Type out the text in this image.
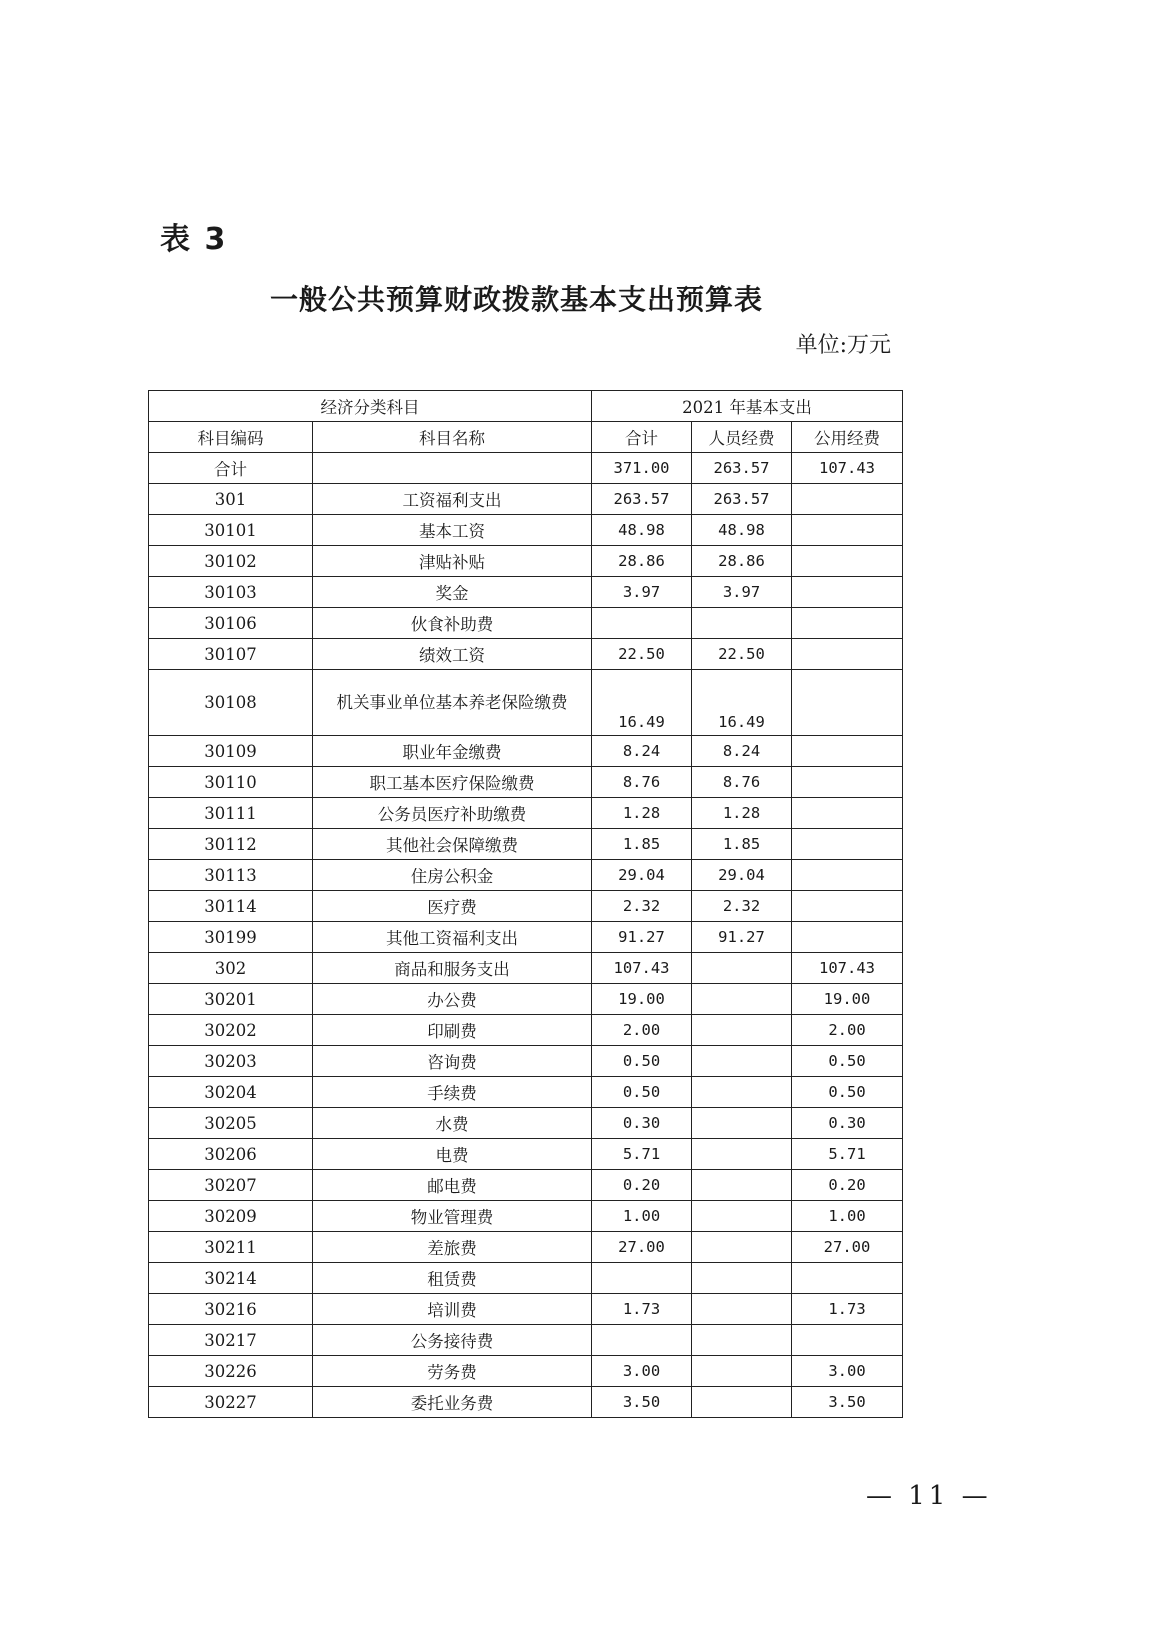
表 3
一般公共预算财政拨款基本支出预算表
单位:万元
经济分类科目		2021 年基本支出		
科目编码	科目名称	合计	人员经费	公用经费
合计		371.00	263.57	107.43
301	工资福利支出	263.57	263.57	
30101	基本工资	48.98	48.98	
30102	津贴补贴	28.86	28.86	
30103	奖金	3.97	3.97	
30106	伙食补助费			
30107	绩效工资	22.50	22.50	
30108	机关事业单位基本养老保险缴费	16.49	16.49	
30109	职业年金缴费	8.24	8.24	
30110	职工基本医疗保险缴费	8.76	8.76	
30111	公务员医疗补助缴费	1.28	1.28	
30112	其他社会保障缴费	1.85	1.85	
30113	住房公积金	29.04	29.04	
30114	医疗费	2.32	2.32	
30199	其他工资福利支出	91.27	91.27	
302	商品和服务支出	107.43		107.43
30201	办公费	19.00		19.00
30202	印刷费	2.00		2.00
30203	咨询费	0.50		0.50
30204	手续费	0.50		0.50
30205	水费	0.30		0.30
30206	电费	5.71		5.71
30207	邮电费	0.20		0.20
30209	物业管理费	1.00		1.00
30211	差旅费	27.00		27.00
30214	租赁费			
30216	培训费	1.73		1.73
30217	公务接待费			
30226	劳务费	3.00		3.00
30227	委托业务费	3.50		3.50
— 11 —
